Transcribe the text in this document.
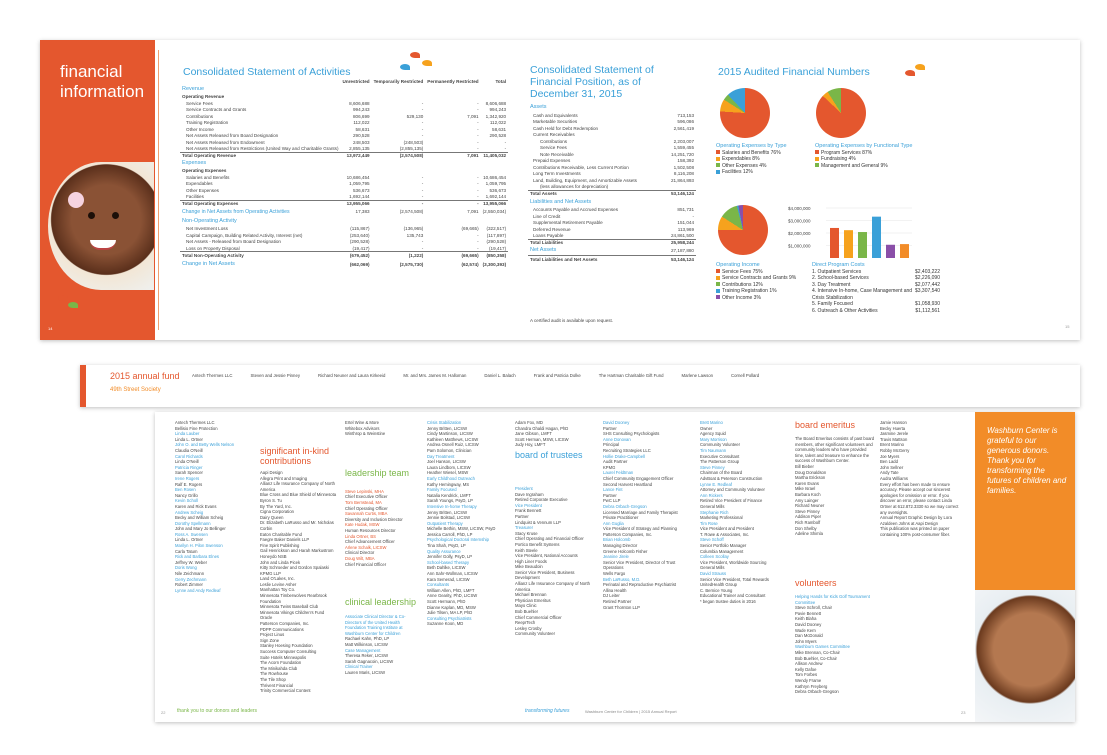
financial
information
14
Consolidated Statement of Activities
	Unrestricted	Temporarily Restricted	Permanently Restricted	Total
Revenue				
Operating Revenue				
Service Fees	8,606,688	-	-	8,606,688
Service Contracts and Grants	994,243	-	-	994,243
Contributions	806,699	529,130	7,091	1,342,920
Training Registration	112,022	-	-	112,022
Other Income	58,631	-	-	58,631
Net Assets Released from Board Designation	290,528	-	-	290,528
Net Assets Released from Endowment	248,503	(248,503)	-	-
Net Assets Released from Restrictions (United Way and Charitable Grants)	2,855,135	(2,855,135)	-	-
Total Operating Revenue	13,972,449	(2,574,508)	7,091	11,405,032
Expenses				
Operating Expenses				
Salaries and Benefits	10,686,454	-	-	10,686,454
Expendables	1,059,795	-	-	1,059,795
Other Expenses	536,673	-	-	536,673
Facilities	1,692,144	-	-	1,692,144
Total Operating Expenses	13,955,066	-	-	13,955,066
Change in Net Assets from Operating Activities	17,383	(2,574,508)	7,091	(2,550,034)
Non-Operating Activity				
Net Investment Loss	(115,867)	(136,965)	(69,665)	(322,517)
Capital Campaign, Building Related Activity, Interest (net)	(253,640)	135,743	-	(117,897)
Net Assets - Released from Board Designation	(290,528)	-	-	(290,528)
Loss on Property Disposal	(19,417)	-	-	(19,417)
Total Non-Operating Activity	(679,452)	(1,222)	(69,665)	(850,358)
Change in Net Assets	(662,069)	(2,575,730)	(62,574)	(3,300,393)
Consolidated Statement of Financial Position, as of December 31, 2015
Assets	
Cash and Equivalents	713,153
Marketable Securities	596,086
Cash Held for Debt Redemption	2,561,419
Current Receivables	
Contributions	2,203,007
Service Fees	1,559,455
Note Receivable	14,251,720
Prepaid Expenses	158,392
Contributions Receivable, Less Current Portion	1,502,508
Long Term Investments	8,116,208
Land, Building, Equipment, and Amortizable Assets	21,864,893
(less allowances for depreciation)	
Total Assets	53,146,124
Liabilities and Net Assets	
Accounts Payable and Accrued Expenses	851,731
Line of Credit	-
Supplemental Retirement Payable	151,044
Deferred Revenue	113,969
Loans Payable	24,861,500
Total Liabilities	25,958,244
Net Assets	27,187,880
Total Liabilities and Net Assets	53,146,124
A certified audit is available upon request.
15
2015 Audited Financial Numbers
Operating Expenses by Type
Salaries and Benefits 76%
Expendables 8%
Other Expenses 4%
Facilities 12%
Operating Expenses by Functional Type
Program Services 87%
Fundraising 4%
Management and General 9%
Operating Income
Service Fees 75%
Service Contracts and Grants 9%
Contributions 12%
Training Registration 1%
Other Income 3%
$4,000,000
$3,000,000
$2,000,000
$1,000,000
Direct Program Costs
1. Outpatient Services	$2,403,222
2. School-based Services	$2,226,090
3. Day Treatment	$2,077,442
4. Intensive In-home, Case Management and Crisis Stabilization
$3,307,540
5. Family Focused	$1,058,930
6. Outreach & Other Activities	$1,112,561
2015 annual fund
49th Street Society
Antech Thermes LLC	Steven and Jessie Pinney	Richard Neuner and Laura Kirkeeid	Mr. and Mrs. James M. Halloman	Daniel L. Balach	Frank and Patricia Dolke	The Hartman Charitable Gift Fund	Marlene Lawson	Cornell Pollard
Antech Thermes LLC
Bellisio Fine Protection
Linda Lauber
Linda L. Ortner
John O. and Betty Wells Nelson
Claudia O'Neill
Carol Richards
Linda O'Neill
Patricia Ringer
Sarah Spencer
Irene Rogers
Ralf E. Rogers
Ben Rosen
Nancy Grillo
Kevin Scholl
Karen and Rick Evans
Andrew Scheig
Becky and William Scheig
Dorothy Spellmann
John and Mary Jo Bellinger
Ross A. Swensen
Linda L. Ortner
Marilyn H. Pilon Swenson
Carla Tatum
Rick and Barbara Elnes
Jeffrey W. Weber
Doris Wong
Nile Zeichmann
Gerry Zechmann
Robert Zimmer
Lynne and Andy Redleaf
significant in-kind contributions
Aapi Design
Allegra Print and Imaging
Allianz Life Insurance Company of North America
Blue Cross and Blue Shield of Minnesota
Byron S. Tu
By The Yard, Inc.
Cigna Corporation
Dairy Queen
Dr. Elizabeth LaRusso and Mr. Nicholas Corbin
Eaton Charitable Fund
Faegre Baker Daniels LLP
Fine Spirit Publishing
Gail Henrickson and Harah Markustrom
Honeydo NSB
John and Linda Picek
Kitty Schroeder and Gordon Spalaski
KPMG LLP
Land O'Lakes, Inc.
Leslie Levine Asher
Manhattan Toy Co.
Minnesota Timberwolves Rearbrook Foundation
Minnesota Twins Baseball Club
Minnesota Vikings Children's Fund
Oracle
Patterson Companies, Inc.
PDPP Communications
Project Linus
Sign Zone
Stanley Hoesing Foundation
Success Computer Consulting
Suite Hotels Minneapolis
The Acorn Foundation
The Minikahda Club
The Rowhouse
The Tile Shop
Thrivent Financial
Trinity Commercial Content
Ertel Wine & More
Whitebox Advisors
Winthrop & Weinstine
Steve Lepinski, MHA
Chief Executive Officer
Tom Bernstead, MA
Chief Operating Officer
Savannah Curtis, MBA
Diversity and Inclusion Director
Kate Hudak, MSW
Human Resources Director
Linda Ortner, BS
Chief Advancement Officer
Arlene Schalk, LICSW
Clinical Director
Doug Wilt, MBA
Chief Financial Officer
leadership team
clinical leadership
Associate Clinical Director & Co-Directors of the United Health Foundation Training Institute at Washburn Center for Children
Rachael Kahn, PhD, LP
Matt Wilkinson, LICSW
Case Management
Theresa Reker, LICSW
Sarah Gagnacoin, LICSW
Clinical Trainer
Lauren Maris, LICSW
Crisis Stabilization
Jenny Britten, LICSW
Cindy Martinson, LICSW
Kathleen Matthews, LICSW
Andrea Osnell Ruiz, LICSW
Pam Solomon, Clinician
Day Treatment
Joel Hanson, LICSW
Laura Lindbom, LICSW
Heather Wiesel, MSW
Early Childhood Outreach
Kathy Hemingway, MS
Family Focused
Natalia Kendrick, LMFT
Sarah Youngs, PsyD, LP
Intensive In-home Therapy
Jenny Britten, LICSW
Jennie Bolstad, LICSW
Outpatient Therapy
Michelle Bethin, MSW, LICSW, PsyD
Jessica Carroll, PhD, LP
Psychological Doctoral Internship
Tina Shah, PsyD, LP
Quality Assurance
Jennifer Golly, PsyD, LP
School-based Therapy
Beth Dahlke, LICSW
Ann Sahr-Wollman, LICSW
Kara Semerad, LICSW
Consultants
William Allen, PhD, LMFT
Anne Gearity, PhD, LICSW
Scott Hermann, PhD
Dianne Kaplan, MD, MSW
Julie Tilsen, MA LP, PhD
Consulting Psychiatrists
Suzanne Koon, MD
Adam Fox, MD
Chandra Ghaldi Hagan, PhD
Jane Gibson, LMFT
Scott Herman, MSW, LICSW
Judy Hoy, LMFT
President
Dave Ingraham
Retired Corporate Executive
Vice President
Frank Bennett
Partner
Lindquist & Vennum LLP
Treasurer
Stacy Kruse
Chief Operating and Financial Officer
Portico Benefit Systems
Keith Steele
Vice President, National Accounts
High Liner Foods
Mike Beaudoin
Senior Vice President, Business Development
Allianz Life Insurance Company of North America
Michael Brennan
Physician Emeritus
Mayo Clinic
Bob Buehler
Chief Commercial Officer
ReeprTech
Lesley Crosby
Community Volunteer
board of trustees
David Dooney
Partner
SHS Consulting Psychologists
Anne Donovan
Principal
Recruiting Strategies LLC
Hollie Drake-Campbell
Audit Partner
KPMG
Laurel Feldtman
Chief Community Engagement Officer
Second Harvest Heartland
Lance Fint
Partner
PwC LLP
Debra Orbach-Gregson
Licensed Marriage and Family Therapist
Private Practitioner
Ann Guglia
Vice President of Strategy and Planning
Patterson Companies, Inc.
Brian Holcomb
Managing Director
Greene Holcomb Fisher
Jeanine Jirele
Senior Vice President, Director of Trust Operations
Wells Fargo
Beth LaRusso, M.D.
Perinatal and Reproductive Psychiatrist
Allina Health
DJ Leiter
Retired Partner
Grant Thornton LLP
Brett Marino
Owner
Agency Squid
Mary Morrison
Community Volunteer
Tim Naumann
Executive Consultant
The Patterson Group
Steve Pinney
Chairman of the Board
AdvBoat & Peterson Construction
Lynne E. Redleaf
Attorney and Community Volunteer
Ann Rickers
Retired Vice President of Finance
General Mills
Stephanie Rich
Marketing Professional
Tim Rose
Vice President and President
T. Rowe & Associates, Inc.
Steve Schoff
Senior Portfolio Manager
Columbia Management
Colleen Scollay
Vice President, Worldwide Sourcing
General Mills
David Strauss
Senior Vice President, Total Rewards
UnitedHealth Group
C. Bernice Young
Educational Trainer and Consultant
* began trustee duties in 2016
board emeritus
The Board Emeritus consists of past board members, other significant volunteers and community leaders who have provided time, talent and treasure to enhance the success of Washburn Center.
Bill Bieber
Doug Donaldson
Martha Erickson
Karen Evans
Mike Israel
Barbara Koch
Amy Lainger
Richard Neuner
Steve Pinney
Addison Piper
Rich Rambolf
Don Shelby
Adeline Shimla
volunteers
Helping Hands for Kids Golf Tournament Committee
Steve Schroll, Chair
Pavie Bennett
Keith Blaha
David Dooney
Wade Kern
Dan McDonald
John Myers
Washburn Games Committee
Mike Brennan, Co-Chair
Bob Buehler, Co-Chair
Allison Andrew
Kelly Dafoe
Tom Forbes
Wendy Frame
Kathryn Freyberg
Debra Orbach-Gregson
Jamie Hanson
Becky Huerta
Jasmine Jerele
Travis Mattson
Brent Marino
Robby McGerry
Joe Myers
Ben Ladd
John Sellner
Andy Tate
Audra Williams
Every effort has been made to ensure accuracy. Please accept our sincerest apologies for omission or error. If you discover an error, please contact Linda Ortner at 612.872.3330 so we may correct any oversights.
Annual Report Graphic Design by Lora Azaldeen Johns at Aapi Design
This publication was printed on paper containing 100% post-consumer fiber.
Washburn Center is grateful to our generous donors. Thank you for transforming the futures of children and families.
thank you to our donors and leaders	transforming futures	Washburn Center for Children | 2015 Annual Report
22	23
